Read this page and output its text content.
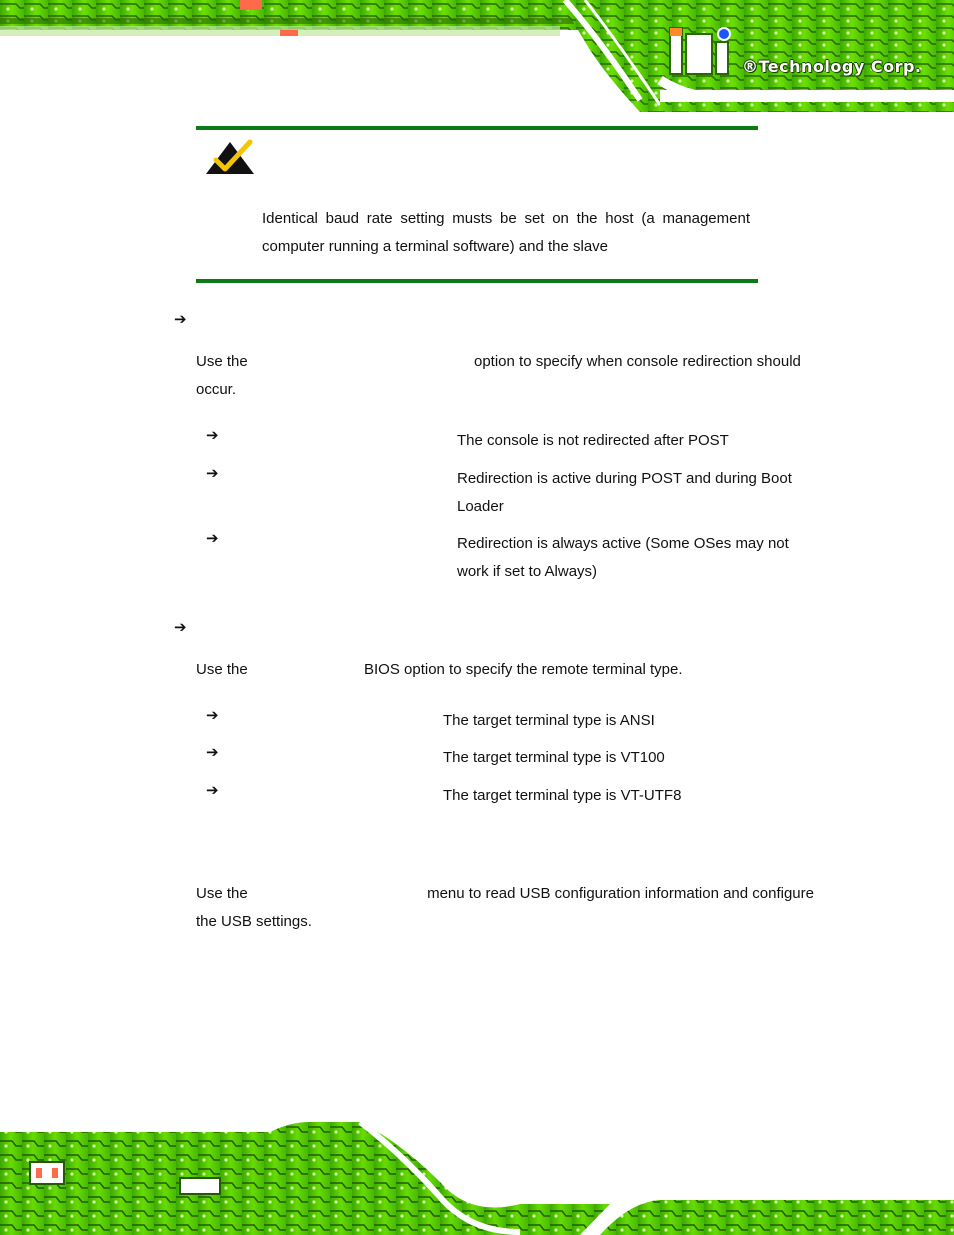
®Technology Corp.
Identical baud rate setting musts be set on the host (a management computer running a terminal software) and the slave
➔
Use the	option to specify when console redirection should
occur.
➔	The console is not redirected after POST
➔	Redirection is active during POST and during Boot
Loader
➔	Redirection is always active (Some OSes may not
work if set to Always)
➔
Use the	BIOS option to specify the remote terminal type.
➔	The target terminal type is ANSI
➔	The target terminal type is VT100
➔	The target terminal type is VT-UTF8
Use the	menu to read USB configuration information and configure
the USB settings.
